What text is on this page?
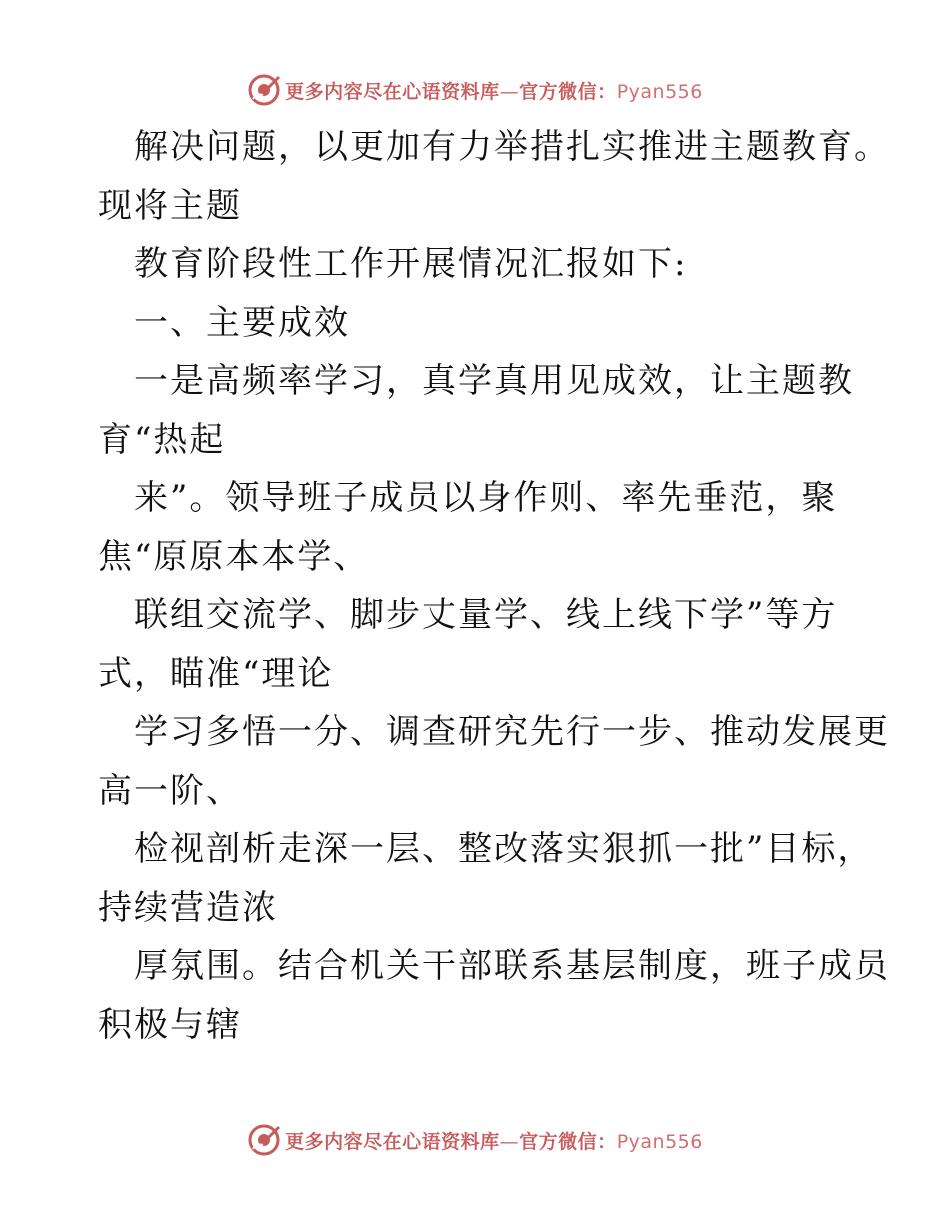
更多内容尽在心语资料库—官方微信：Pyan556
解决问题，以更加有力举措扎实推进主题教育。
现将主题
教育阶段性工作开展情况汇报如下:
一、主要成效
一是高频率学习，真学真用见成效，让主题教
育“热起
来”。领导班子成员以身作则、率先垂范，聚
焦“原原本本学、
联组交流学、脚步丈量学、线上线下学”等方
式，瞄准“理论
学习多悟一分、调查研究先行一步、推动发展更
高一阶、
检视剖析走深一层、整改落实狠抓一批”目标，
持续营造浓
厚氛围。结合机关干部联系基层制度，班子成员
积极与辖
更多内容尽在心语资料库—官方微信：Pyan556
